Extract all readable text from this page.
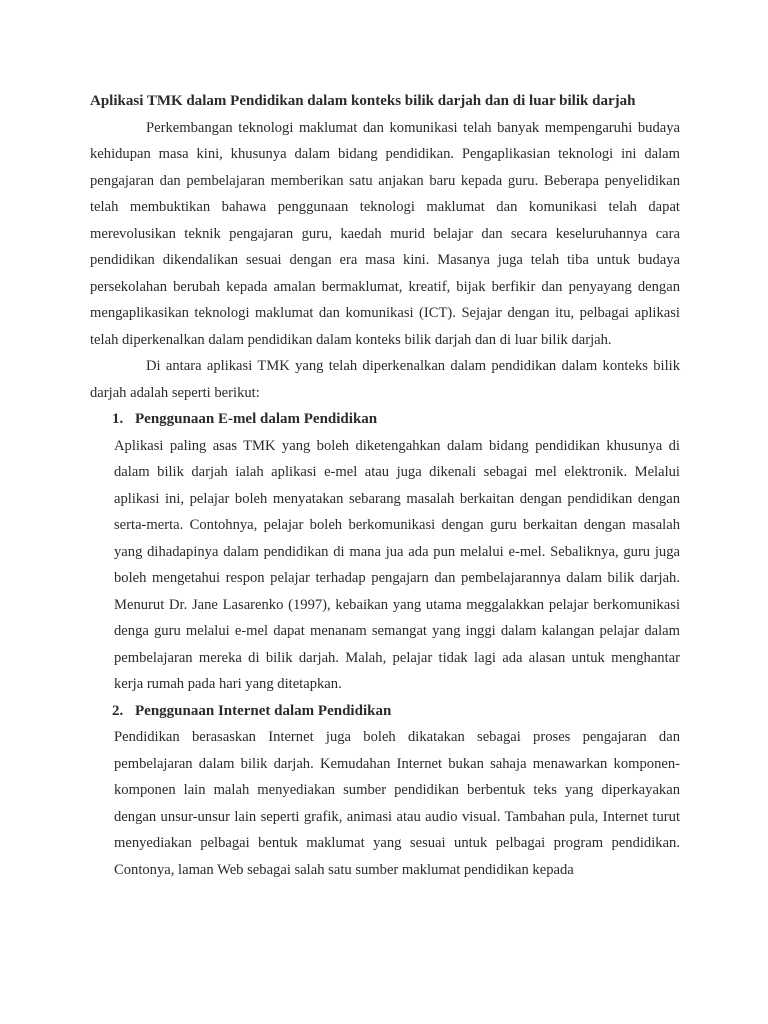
Aplikasi TMK dalam Pendidikan dalam konteks bilik darjah dan di luar bilik darjah

Perkembangan teknologi maklumat dan komunikasi telah banyak mempengaruhi budaya kehidupan masa kini, khusunya dalam bidang pendidikan. Pengaplikasian teknologi ini dalam pengajaran dan pembelajaran memberikan satu anjakan baru kepada guru. Beberapa penyelidikan telah membuktikan bahawa penggunaan teknologi maklumat dan komunikasi telah dapat merevolusikan teknik pengajaran guru, kaedah murid belajar dan secara keseluruhannya cara pendidikan dikendalikan sesuai dengan era masa kini. Masanya juga telah tiba untuk budaya persekolahan berubah kepada amalan bermaklumat, kreatif, bijak berfikir dan penyayang dengan mengaplikasikan teknologi maklumat dan komunikasi (ICT). Sejajar dengan itu, pelbagai aplikasi telah diperkenalkan dalam pendidikan dalam konteks bilik darjah dan di luar bilik darjah.

Di antara aplikasi TMK yang telah diperkenalkan dalam pendidikan dalam konteks bilik darjah adalah seperti berikut:

1. Penggunaan E-mel dalam Pendidikan

Aplikasi paling asas TMK yang boleh diketengahkan dalam bidang pendidikan khusunya di dalam bilik darjah ialah aplikasi e-mel atau juga dikenali sebagai mel elektronik. Melalui aplikasi ini, pelajar boleh menyatakan sebarang masalah berkaitan dengan pendidikan dengan serta-merta. Contohnya, pelajar boleh berkomunikasi dengan guru berkaitan dengan masalah yang dihadapinya dalam pendidikan di mana jua ada pun melalui e-mel. Sebaliknya, guru juga boleh mengetahui respon pelajar terhadap pengajarn dan pembelajarannya dalam bilik darjah. Menurut Dr. Jane Lasarenko (1997), kebaikan yang utama meggalakkan pelajar berkomunikasi denga guru melalui e-mel dapat menanam semangat yang inggi dalam kalangan pelajar dalam pembelajaran mereka di bilik darjah. Malah, pelajar tidak lagi ada alasan untuk menghantar kerja rumah pada hari yang ditetapkan.

2. Penggunaan Internet dalam Pendidikan

Pendidikan berasaskan Internet juga boleh dikatakan sebagai proses pengajaran dan pembelajaran dalam bilik darjah. Kemudahan Internet bukan sahaja menawarkan komponen-komponen lain malah menyediakan sumber pendidikan berbentuk teks yang diperkayakan dengan unsur-unsur lain seperti grafik, animasi atau audio visual. Tambahan pula, Internet turut menyediakan pelbagai bentuk maklumat yang sesuai untuk pelbagai program pendidikan. Contonya, laman Web sebagai salah satu sumber maklumat pendidikan kepada
